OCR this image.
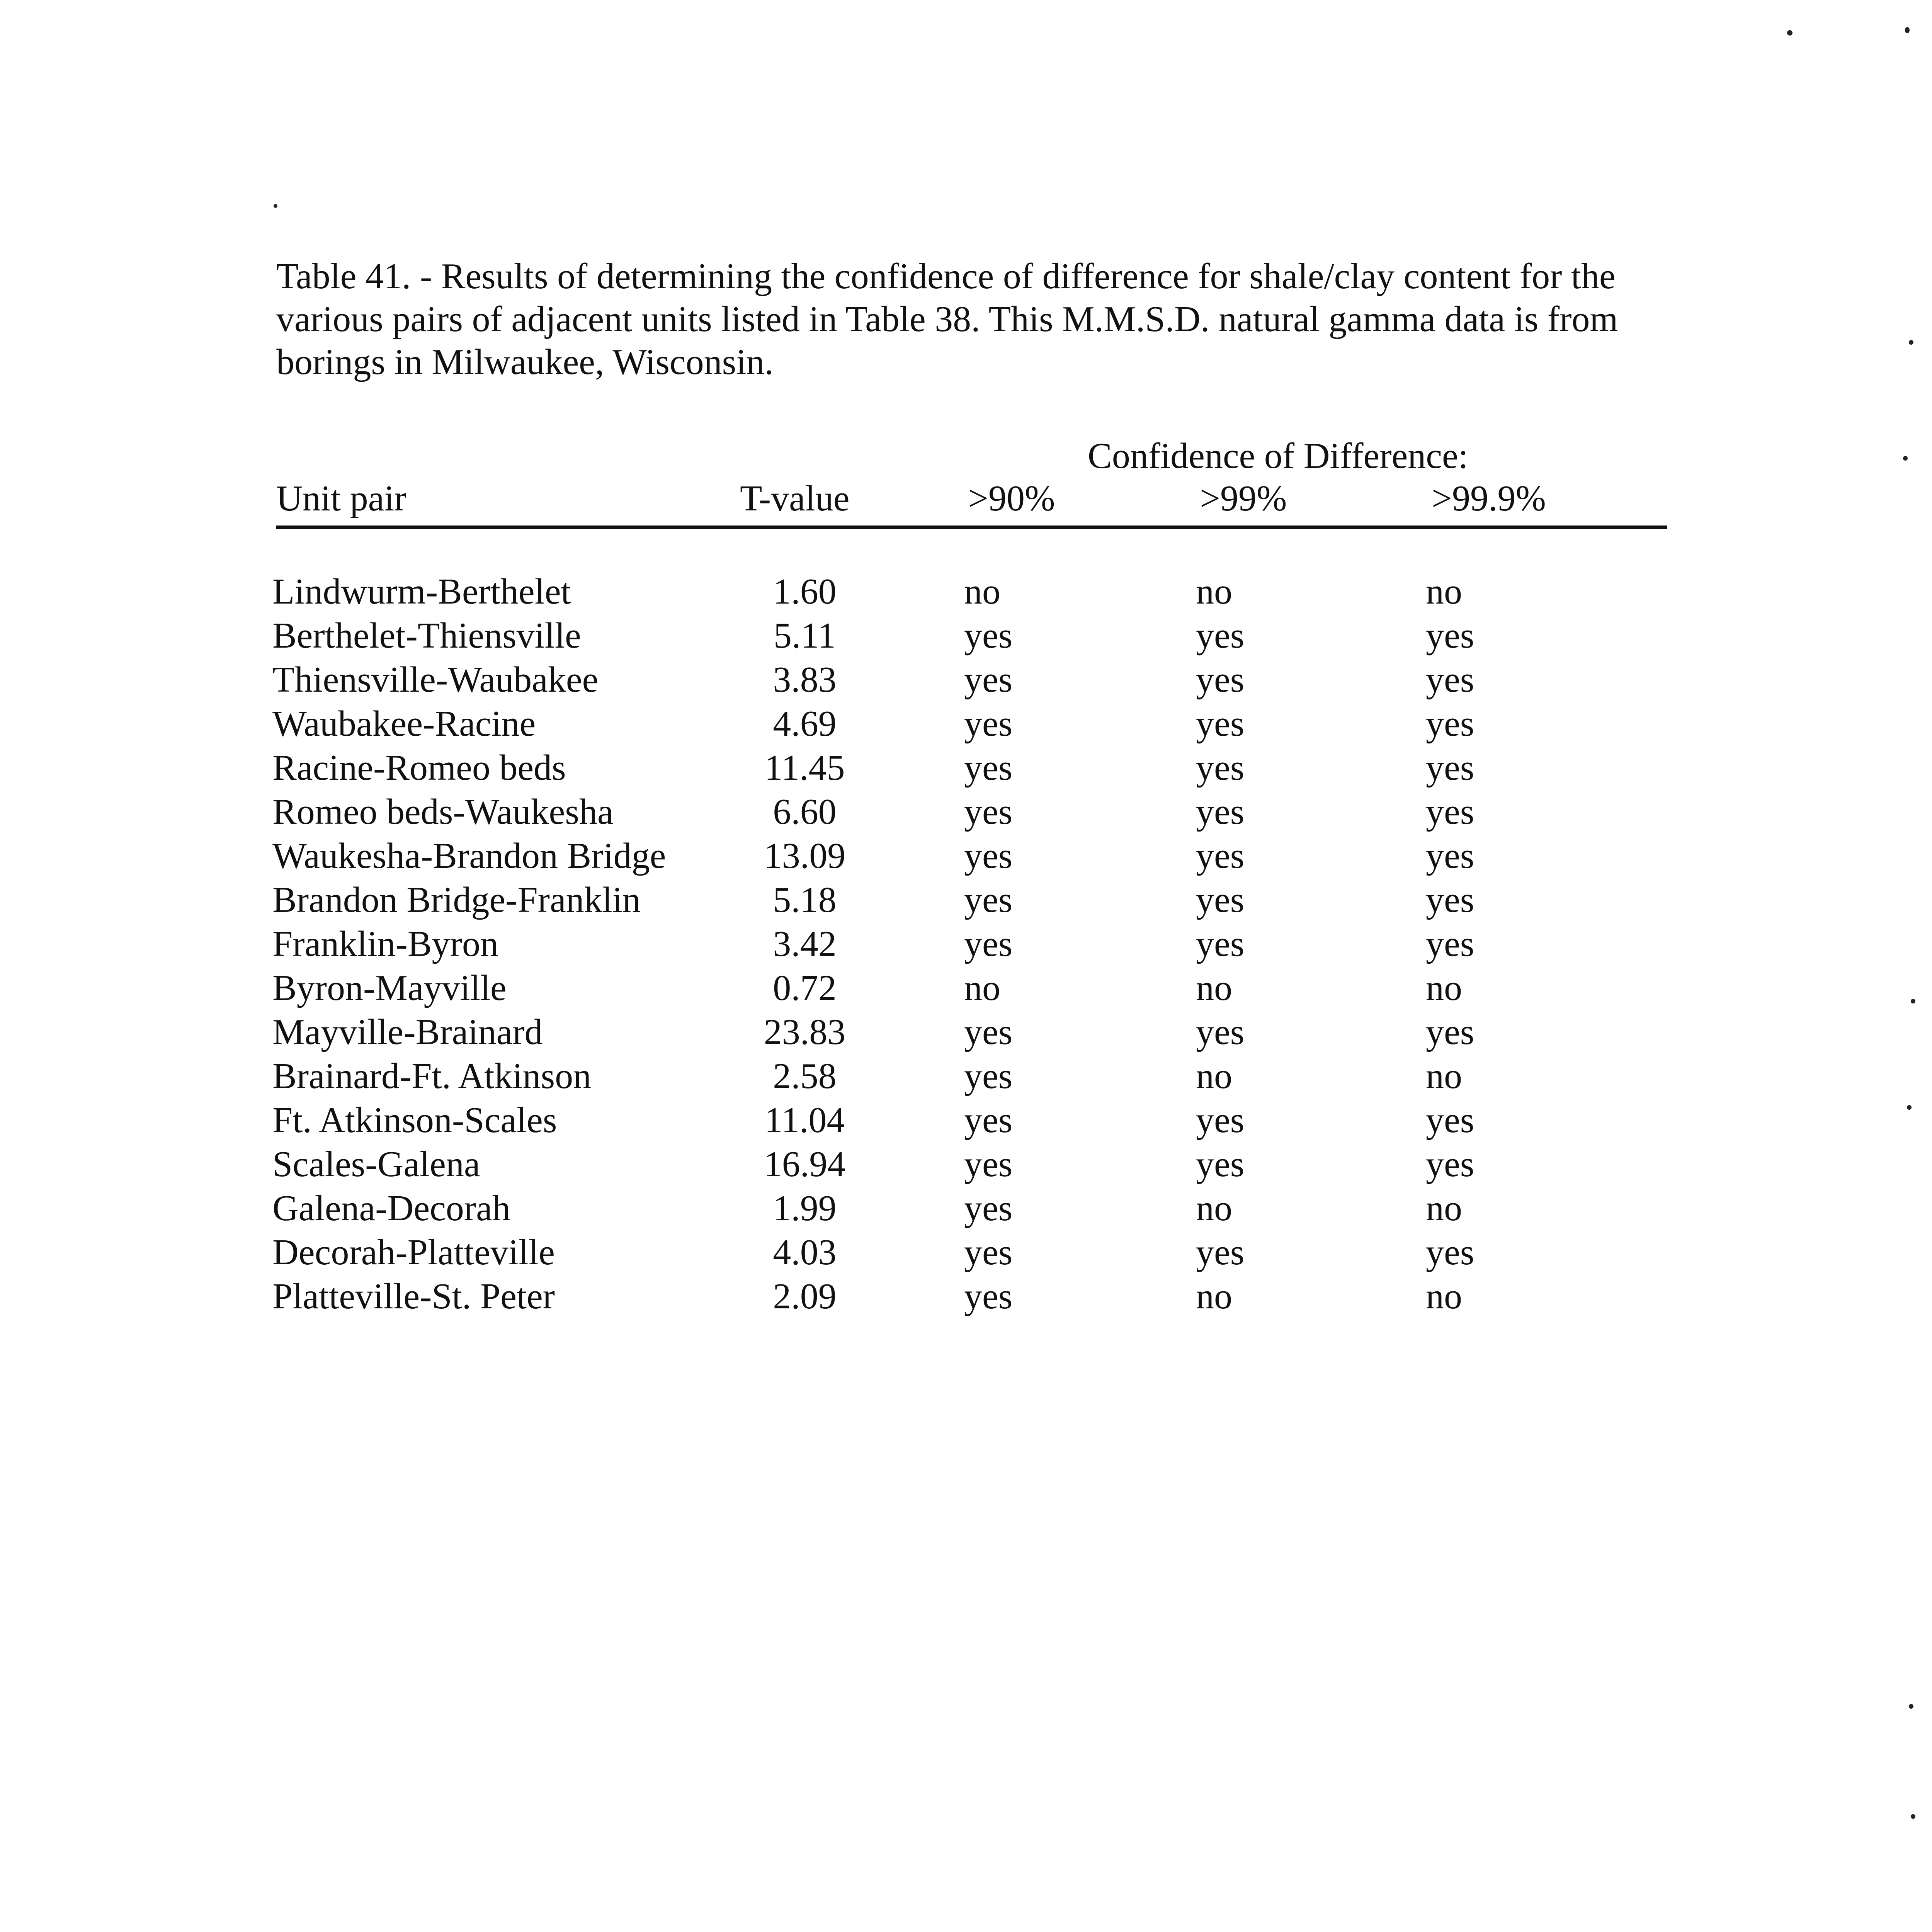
Table 41. - Results of determining the confidence of difference for shale/clay content for the various pairs of adjacent units listed in Table 38. This M.M.S.D. natural gamma data is from borings in Milwaukee, Wisconsin.

Confidence of Difference:
Unit pair	T-value	>90%	>99%	>99.9%
Lindwurm-Berthelet	1.60	no	no	no
Berthelet-Thiensville	5.11	yes	yes	yes
Thiensville-Waubakee	3.83	yes	yes	yes
Waubakee-Racine	4.69	yes	yes	yes
Racine-Romeo beds	11.45	yes	yes	yes
Romeo beds-Waukesha	6.60	yes	yes	yes
Waukesha-Brandon Bridge	13.09	yes	yes	yes
Brandon Bridge-Franklin	5.18	yes	yes	yes
Franklin-Byron	3.42	yes	yes	yes
Byron-Mayville	0.72	no	no	no
Mayville-Brainard	23.83	yes	yes	yes
Brainard-Ft. Atkinson	2.58	yes	no	no
Ft. Atkinson-Scales	11.04	yes	yes	yes
Scales-Galena	16.94	yes	yes	yes
Galena-Decorah	1.99	yes	no	no
Decorah-Platteville	4.03	yes	yes	yes
Platteville-St. Peter	2.09	yes	no	no
